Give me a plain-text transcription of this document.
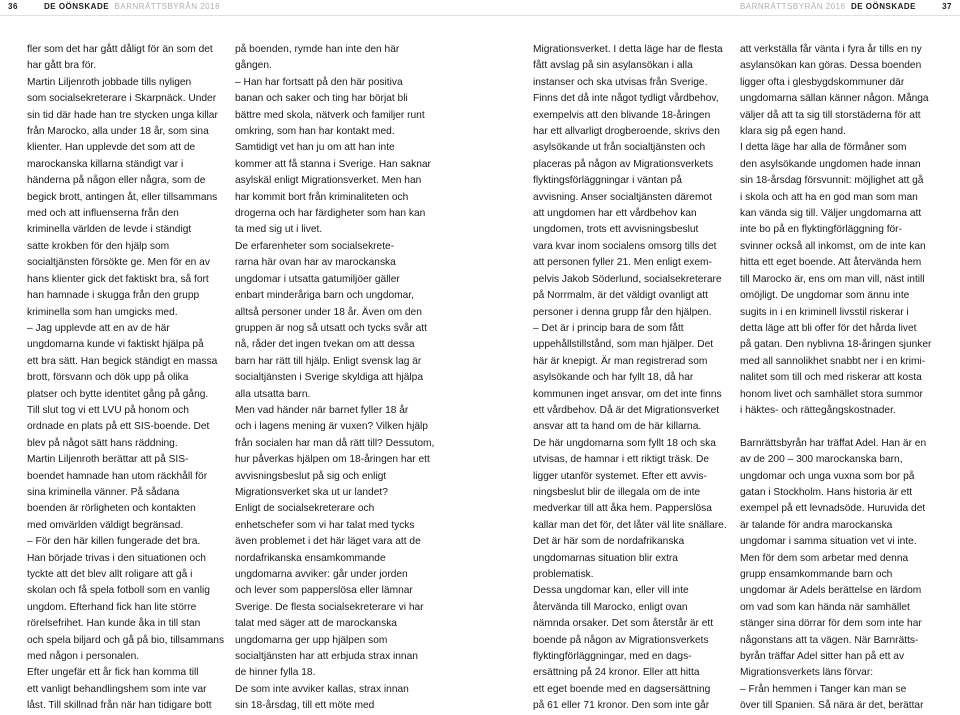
36	DE OÖNSKADE BARNRÄTTSBYRÅN 2016	BARNRÄTTSBYRÅN 2016 DE OÖNSKADE	37

fler som det har gått dåligt för än som det

har gått bra för.

Martin Liljenroth jobbade tills nyligen

som socialsekreterare i Skarpnäck. Under

sin tid där hade han tre stycken unga killar

från Marocko, alla under 18 år, som sina

klienter. Han upplevde det som att de

marockanska killarna ständigt var i

händerna på någon eller några, som de

begick brott, antingen åt, eller tillsammans

med och att influenserna från den

kriminella världen de levde i ständigt

satte krokben för den hjälp som

socialtjänsten försökte ge. Men för en av

hans klienter gick det faktiskt bra, så fort

han hamnade i skugga från den grupp

kriminella som han umgicks med.

– Jag upplevde att en av de här

ungdomarna kunde vi faktiskt hjälpa på

ett bra sätt. Han begick ständigt en massa

brott, försvann och dök upp på olika

platser och bytte identitet gång på gång.

Till slut tog vi ett LVU på honom och

ordnade en plats på ett SIS-boende. Det

blev på något sätt hans räddning.

Martin Liljenroth berättar att på SIS-

boendet hamnade han utom räckhåll för

sina kriminella vänner. På sådana

boenden är rörligheten och kontakten

med omvärlden väldigt begränsad.

– För den här killen fungerade det bra.

Han började trivas i den situationen och

tyckte att det blev allt roligare att gå i

skolan och få spela fotboll som en vanlig

ungdom. Efterhand fick han lite större

rörelsefrihet. Han kunde åka in till stan

och spela biljard och gå på bio, tillsammans

med någon i personalen.

Efter ungefär ett år fick han komma till

ett vanligt behandlingshem som inte var

låst. Till skillnad från när han tidigare bott

på boenden, rymde han inte den här

gången.

– Han har fortsatt på den här positiva

banan och saker och ting har börjat bli

bättre med skola, nätverk och familjer runt

omkring, som han har kontakt med.

Samtidigt vet han ju om att han inte

kommer att få stanna i Sverige. Han saknar

asylskäl enligt Migrationsverket. Men han

har kommit bort från kriminaliteten och

drogerna och har färdigheter som han kan

ta med sig ut i livet.

De erfarenheter som socialsekrete-

rarna här ovan har av marockanska

ungdomar i utsatta gatumiljöer gäller

enbart minderåriga barn och ungdomar,

alltså personer under 18 år. Även om den

gruppen är nog så utsatt och tycks svår att

nå, råder det ingen tvekan om att dessa

barn har rätt till hjälp. Enligt svensk lag är

socialtjänsten i Sverige skyldiga att hjälpa

alla utsatta barn.

Men vad händer när barnet fyller 18 år

och i lagens mening är vuxen? Vilken hjälp

från socialen har man då rätt till? Dessutom,

hur påverkas hjälpen om 18-åringen har ett

avvisningsbeslut på sig och enligt

Migrationsverket ska ut ur landet?

Enligt de socialsekreterare och

enhetschefer som vi har talat med tycks

även problemet i det här läget vara att de

nordafrikanska ensamkommande

ungdomarna avviker: går under jorden

och lever som papperslösa eller lämnar

Sverige. De flesta socialsekreterare vi har

talat med säger att de marockanska

ungdomarna ger upp hjälpen som

socialtjänsten har att erbjuda strax innan

de hinner fylla 18.

De som inte avviker kallas, strax innan

sin 18-årsdag, till ett möte med

Migrationsverket. I detta läge har de flesta

fått avslag på sin asylansökan i alla

instanser och ska utvisas från Sverige.

Finns det då inte något tydligt vårdbehov,

exempelvis att den blivande 18-åringen

har ett allvarligt drogberoende, skrivs den

asylsökande ut från socialtjänsten och

placeras på någon av Migrationsverkets

flyktingsförläggningar i väntan på

avvisning. Anser socialtjänsten däremot

att ungdomen har ett vårdbehov kan

ungdomen, trots ett avvisningsbeslut

vara kvar inom socialens omsorg tills det

att personen fyller 21. Men enligt exem-

pelvis Jakob Söderlund, socialsekreterare

på Norrmalm, är det väldigt ovanligt att

personer i denna grupp får den hjälpen.

– Det är i princip bara de som fått

uppehållstillstånd, som man hjälper. Det

här är knepigt. Är man registrerad som

asylsökande och har fyllt 18, då har

kommunen inget ansvar, om det inte finns

ett vårdbehov. Då är det Migrationsverket

ansvar att ta hand om de här killarna.

De här ungdomarna som fyllt 18 och ska

utvisas, de hamnar i ett riktigt träsk. De

ligger utanför systemet. Efter ett avvis-

ningsbeslut blir de illegala om de inte

medverkar till att åka hem. Papperslösa

kallar man det för, det låter väl lite snällare.

Det är här som de nordafrikanska

ungdomarnas situation blir extra

problematisk.

Dessa ungdomar kan, eller vill inte

återvända till Marocko, enligt ovan

nämnda orsaker. Det som återstår är ett

boende på någon av Migrationsverkets

flyktingförläggningar, med en dags-

ersättning på 24 kronor. Eller att hitta

ett eget boende med en dagsersättning

på 61 eller 71 kronor. Den som inte går

att verkställa får vänta i fyra år tills en ny

asylansökan kan göras. Dessa boenden

ligger ofta i glesbygdskommuner där

ungdomarna sällan känner någon. Många

väljer då att ta sig till storstäderna för att

klara sig på egen hand.

I detta läge har alla de förmåner som

den asylsökande ungdomen hade innan

sin 18-årsdag försvunnit: möjlighet att gå

i skola och att ha en god man som man

kan vända sig till. Väljer ungdomarna att

inte bo på en flyktingförläggning för-

svinner också all inkomst, om de inte kan

hitta ett eget boende. Att återvända hem

till Marocko är, ens om man vill, näst intill

omöjligt. De ungdomar som ännu inte

sugits in i en kriminell livsstil riskerar i

detta läge att bli offer för det hårda livet

på gatan. Den nyblivna 18-åringen sjunker

med all sannolikhet snabbt ner i en krimi-

nalitet som till och med riskerar att kosta

honom livet och samhället stora summor

i häktes- och rättegångskostnader.

Barnrättsbyrån har träffat Adel. Han är en

av de 200 – 300 marockanska barn,

ungdomar och unga vuxna som bor på

gatan i Stockholm. Hans historia är ett

exempel på ett levnadsöde. Huruvida det

är talande för andra marockanska

ungdomar i samma situation vet vi inte.

Men för dem som arbetar med denna

grupp ensamkommande barn och

ungdomar är Adels berättelse en lärdom

om vad som kan hända när samhället

stänger sina dörrar för dem som inte har

någonstans att ta vägen. När Barnrätts-

byrån träffar Adel sitter han på ett av

Migrationsverkets läns förvar:

– Från hemmen i Tanger kan man se

över till Spanien. Så nära är det, berättar
